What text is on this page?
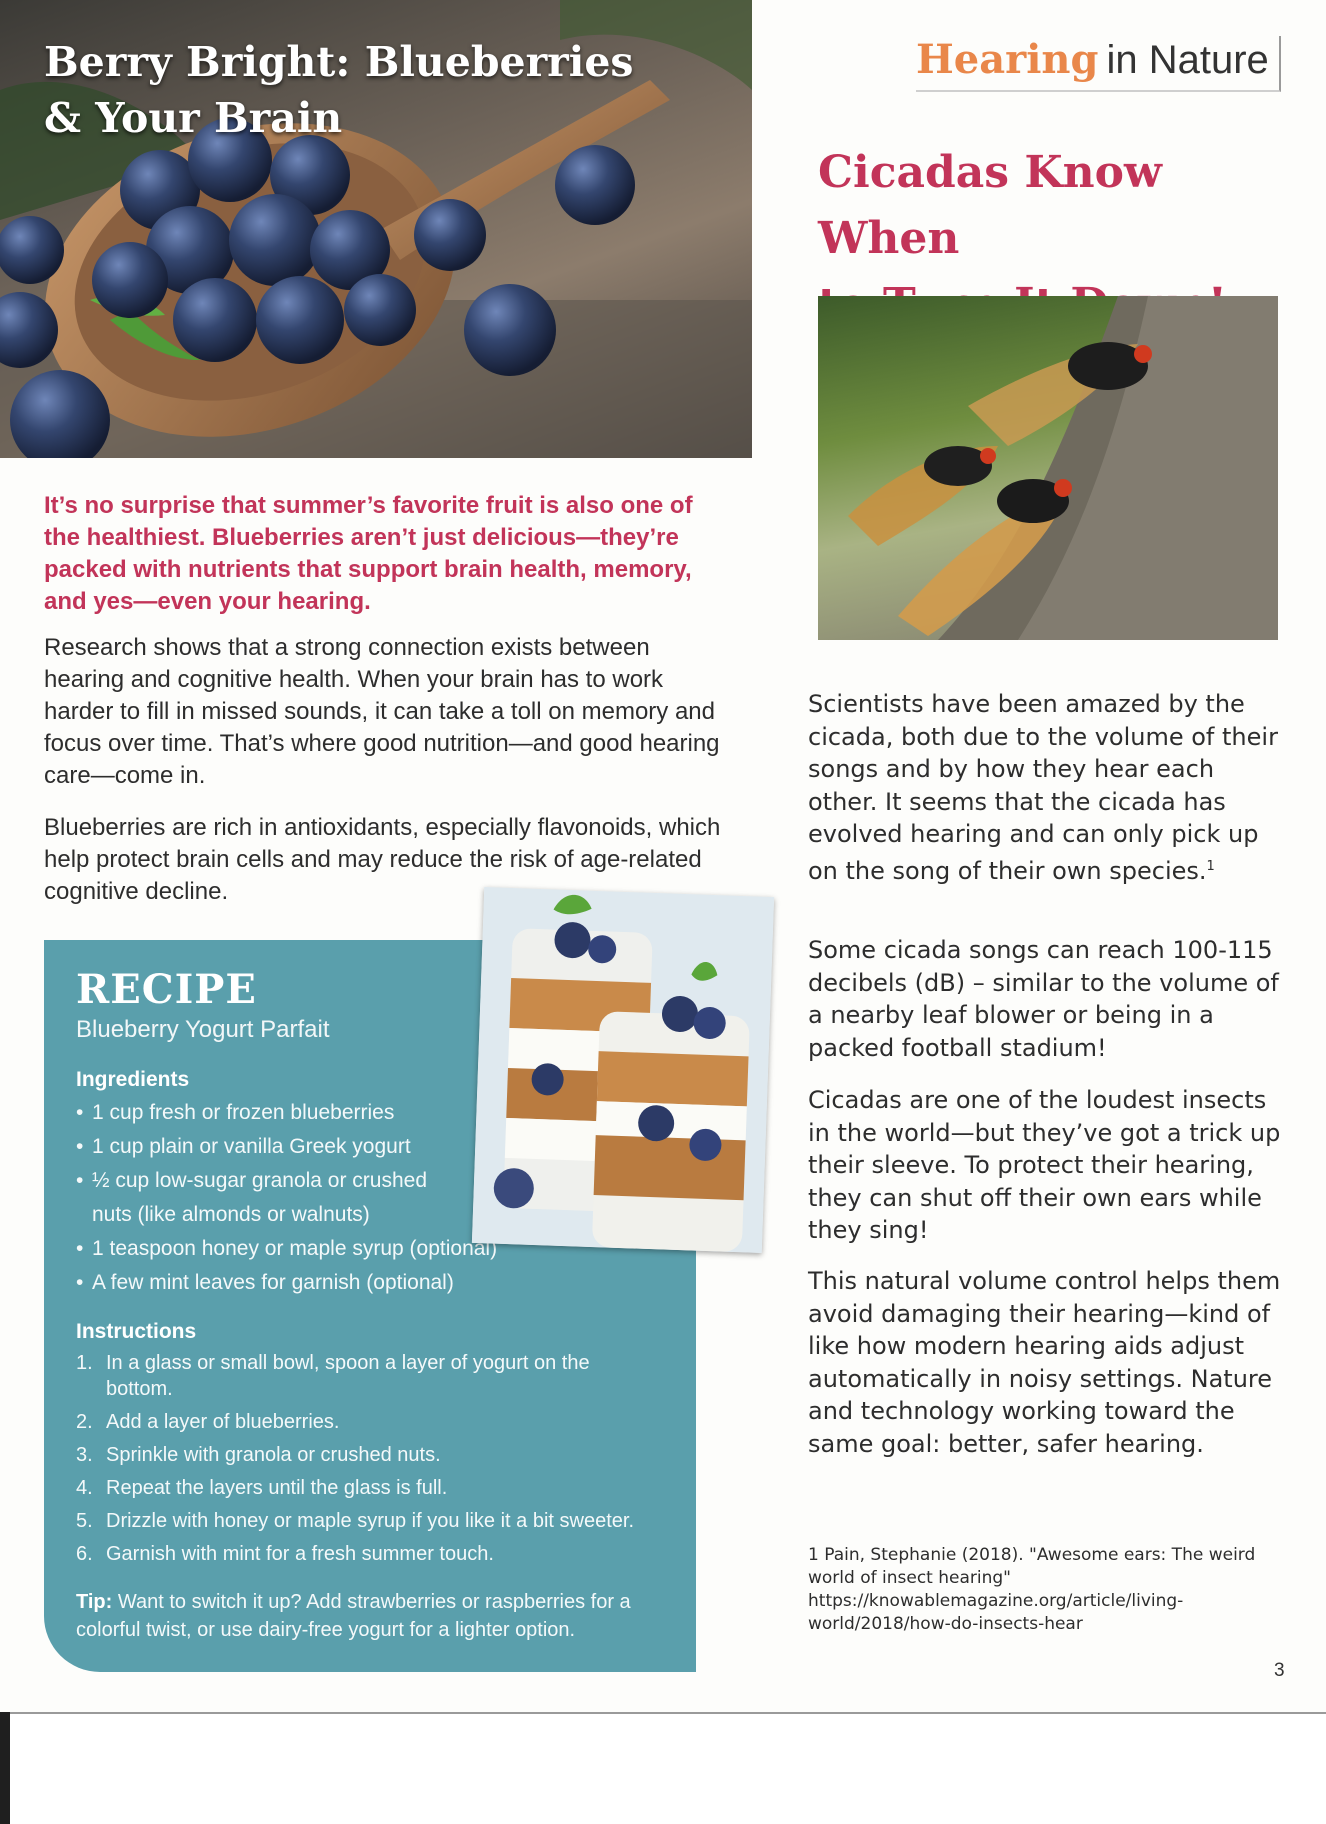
Berry Bright: Blueberries
& Your Brain

It’s no surprise that summer’s favorite fruit is also one of the healthiest. Blueberries aren’t just delicious—they’re packed with nutrients that support brain health, memory, and yes—even your hearing.

Research shows that a strong connection exists between hearing and cognitive health. When your brain has to work harder to fill in missed sounds, it can take a toll on memory and focus over time. That’s where good nutrition—and good hearing care—come in.

Blueberries are rich in antioxidants, especially flavonoids, which help protect brain cells and may reduce the risk of age-related cognitive decline.

RECIPE
Blueberry Yogurt Parfait
Ingredients
• 1 cup fresh or frozen blueberries
• 1 cup plain or vanilla Greek yogurt
• ½ cup low-sugar granola or crushed nuts (like almonds or walnuts)
• 1 teaspoon honey or maple syrup (optional)
• A few mint leaves for garnish (optional)
Instructions
1. In a glass or small bowl, spoon a layer of yogurt on the bottom.
2. Add a layer of blueberries.
3. Sprinkle with granola or crushed nuts.
4. Repeat the layers until the glass is full.
5. Drizzle with honey or maple syrup if you like it a bit sweeter.
6. Garnish with mint for a fresh summer touch.

Tip: Want to switch it up? Add strawberries or raspberries for a colorful twist, or use dairy-free yogurt for a lighter option.

Hearing in Nature
Cicadas Know When

Scientists have been amazed by the cicada, both due to the volume of their songs and by how they hear each other. It seems that the cicada has evolved hearing and can only pick up on the song of their own species.$^1$

Some cicada songs can reach 100-115 decibels (dB) – similar to the volume of a nearby leaf blower or being in a packed football stadium!

Cicadas are one of the loudest insects in the world—but they’ve got a trick up their sleeve. To protect their hearing, they can shut off their own ears while they sing!

This natural volume control helps them avoid damaging their hearing—kind of like how modern hearing aids adjust automatically in noisy settings. Nature and technology working toward the same goal: better, safer hearing.

1 Pain, Stephanie (2018). "Awesome ears: The weird world of insect hearing" https://knowablemagazine.org/article/living-world/2018/how-do-insects-hear

3
